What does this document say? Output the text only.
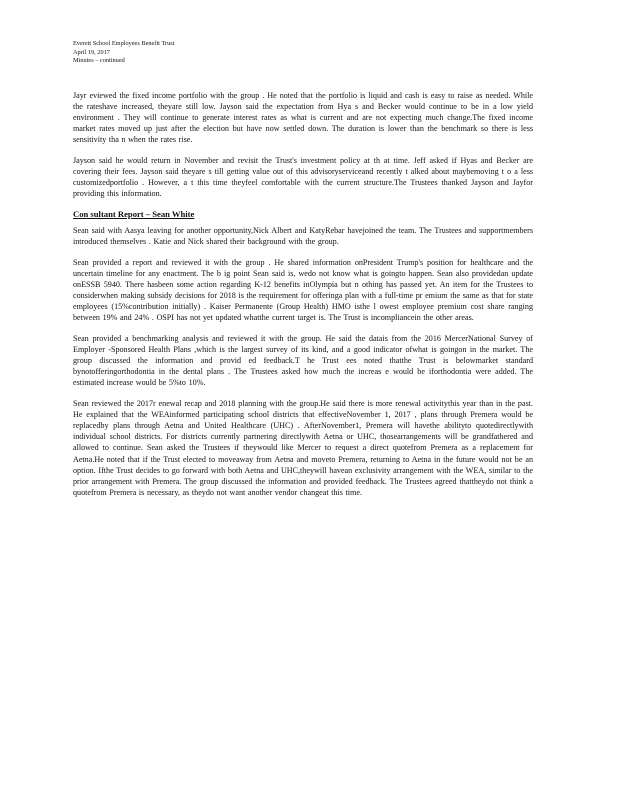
Everett School Employees Benefit Trust
April 19, 2017
Minutes – continued

Jayr eviewed the fixed income portfolio with the group . He noted that the portfolio is liquid and cash is easy to raise as needed. While the rateshave increased, theyare still low. Jayson said the expectation from Hya s and Becker would continue to be in a low yield environment . They will continue to generate interest rates as what is current and are not expecting much change.The fixed income market rates moved up just after the election but have now settled down. The duration is lower than the benchmark so there is less sensitivity tha n when the rates rise.

Jayson said he would return in November and revisit the Trust's investment policy at th at time. Jeff asked if Hyas and Becker are covering their fees. Jayson said theyare s till getting value out of this advisoryserviceand recently t alked about maybemoving t o a less customizedportfolio . However, a t this time theyfeel comfortable with the current structure.The Trustees thanked Jayson and Jayfor providing this information.

Con sultant Report – Sean White

Sean said with Aasya leaving for another opportunity,Nick Albert and KatyRebar havejoined the team. The Trustees and supportmembers introduced themselves . Katie and Nick shared their background with the group.

Sean provided a report and reviewed it with the group . He shared information onPresident Trump's position for healthcare and the uncertain timeline for any enactment. The b ig point Sean said is, wedo not know what is goingto happen. Sean also providedan update onESSB 5940. There hasbeen some action regarding K-12 benefits inOlympia but n othing has passed yet. An item for the Trustees to considerwhen making subsidy decisions for 2018 is the requirement for offeringa plan with a full-time pr emium the same as that for state employees (15%contribution initially) . Kaiser Permanente (Group Health) HMO isthe l owest employee premium cost share ranging between 19% and 24% . OSPI has not yet updated whatthe current target is. The Trust is incompliancein the other areas.

Sean provided a benchmarking analysis and reviewed it with the group. He said the datais from the 2016 MercerNational Survey of Employer -Sponsored Health Plans ,which is the largest survey of its kind, and a good indicator ofwhat is goingon in the market. The group discussed the information and provid ed feedback.T he Trust ees noted thatthe Trust is belowmarket standard bynotofferingorthodontia in the dental plans . The Trustees asked how much the increas e would be iforthodontia were added. The estimated increase would be 5%to 10%.

Sean reviewed the 2017r enewal recap and 2018 planning with the group.He said there is more renewal activitythis year than in the past. He explained that the WEAinformed participating school districts that effectiveNovember 1, 2017 , plans through Premera would be replacedby plans through Aetna and United Healthcare (UHC) . AfterNovember1, Premera will havethe abilityto quotedirectlywith individual school districts. For districts currently partnering directlywith Aetna or UHC, thosearrangements will be grandfathered and allowed to continue. Sean asked the Trustees if theywould like Mercer to request a direct quotefrom Premera as a replacement for Aetna.He noted that if the Trust elected to moveaway from Aetna and moveto Premera, returning to Aetna in the future would not be an option. Ifthe Trust decides to go forward with both Aetna and UHC,theywill havean exclusivity arrangement with the WEA, similar to the prior arrangement with Premera. The group discussed the information and provided feedback. The Trustees agreed thattheydo not think a quotefrom Premera is necessary, as theydo not want another vendor changeat this time.
